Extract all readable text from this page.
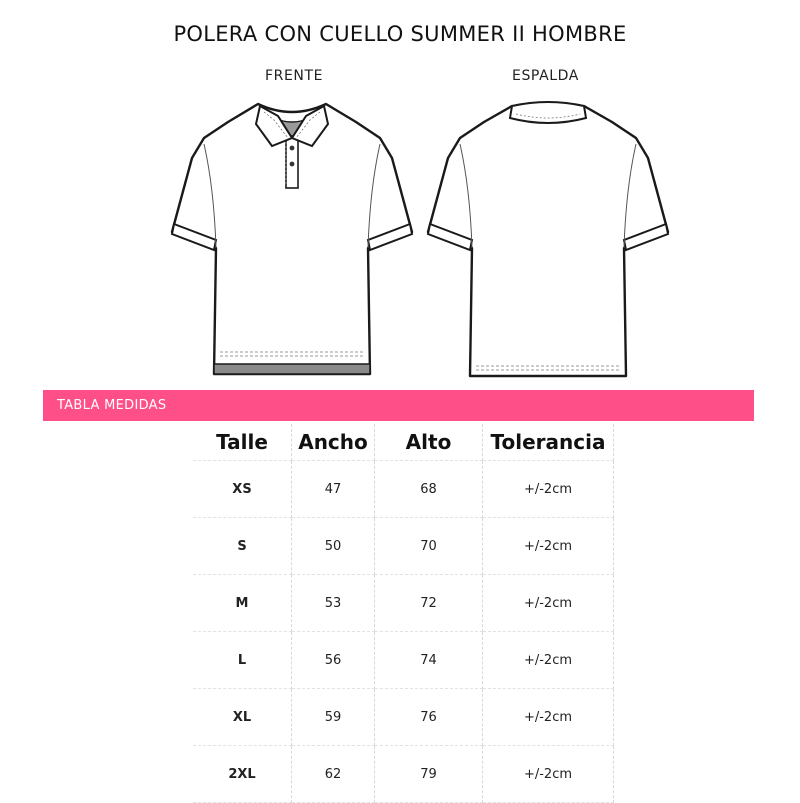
POLERA CON CUELLO SUMMER II HOMBRE
FRENTE	ESPALDA
TABLA MEDIDAS
Talle	Ancho	Alto	Tolerancia
XS	47	68	+/-2cm
S	50	70	+/-2cm
M	53	72	+/-2cm
L	56	74	+/-2cm
XL	59	76	+/-2cm
2XL	62	79	+/-2cm
